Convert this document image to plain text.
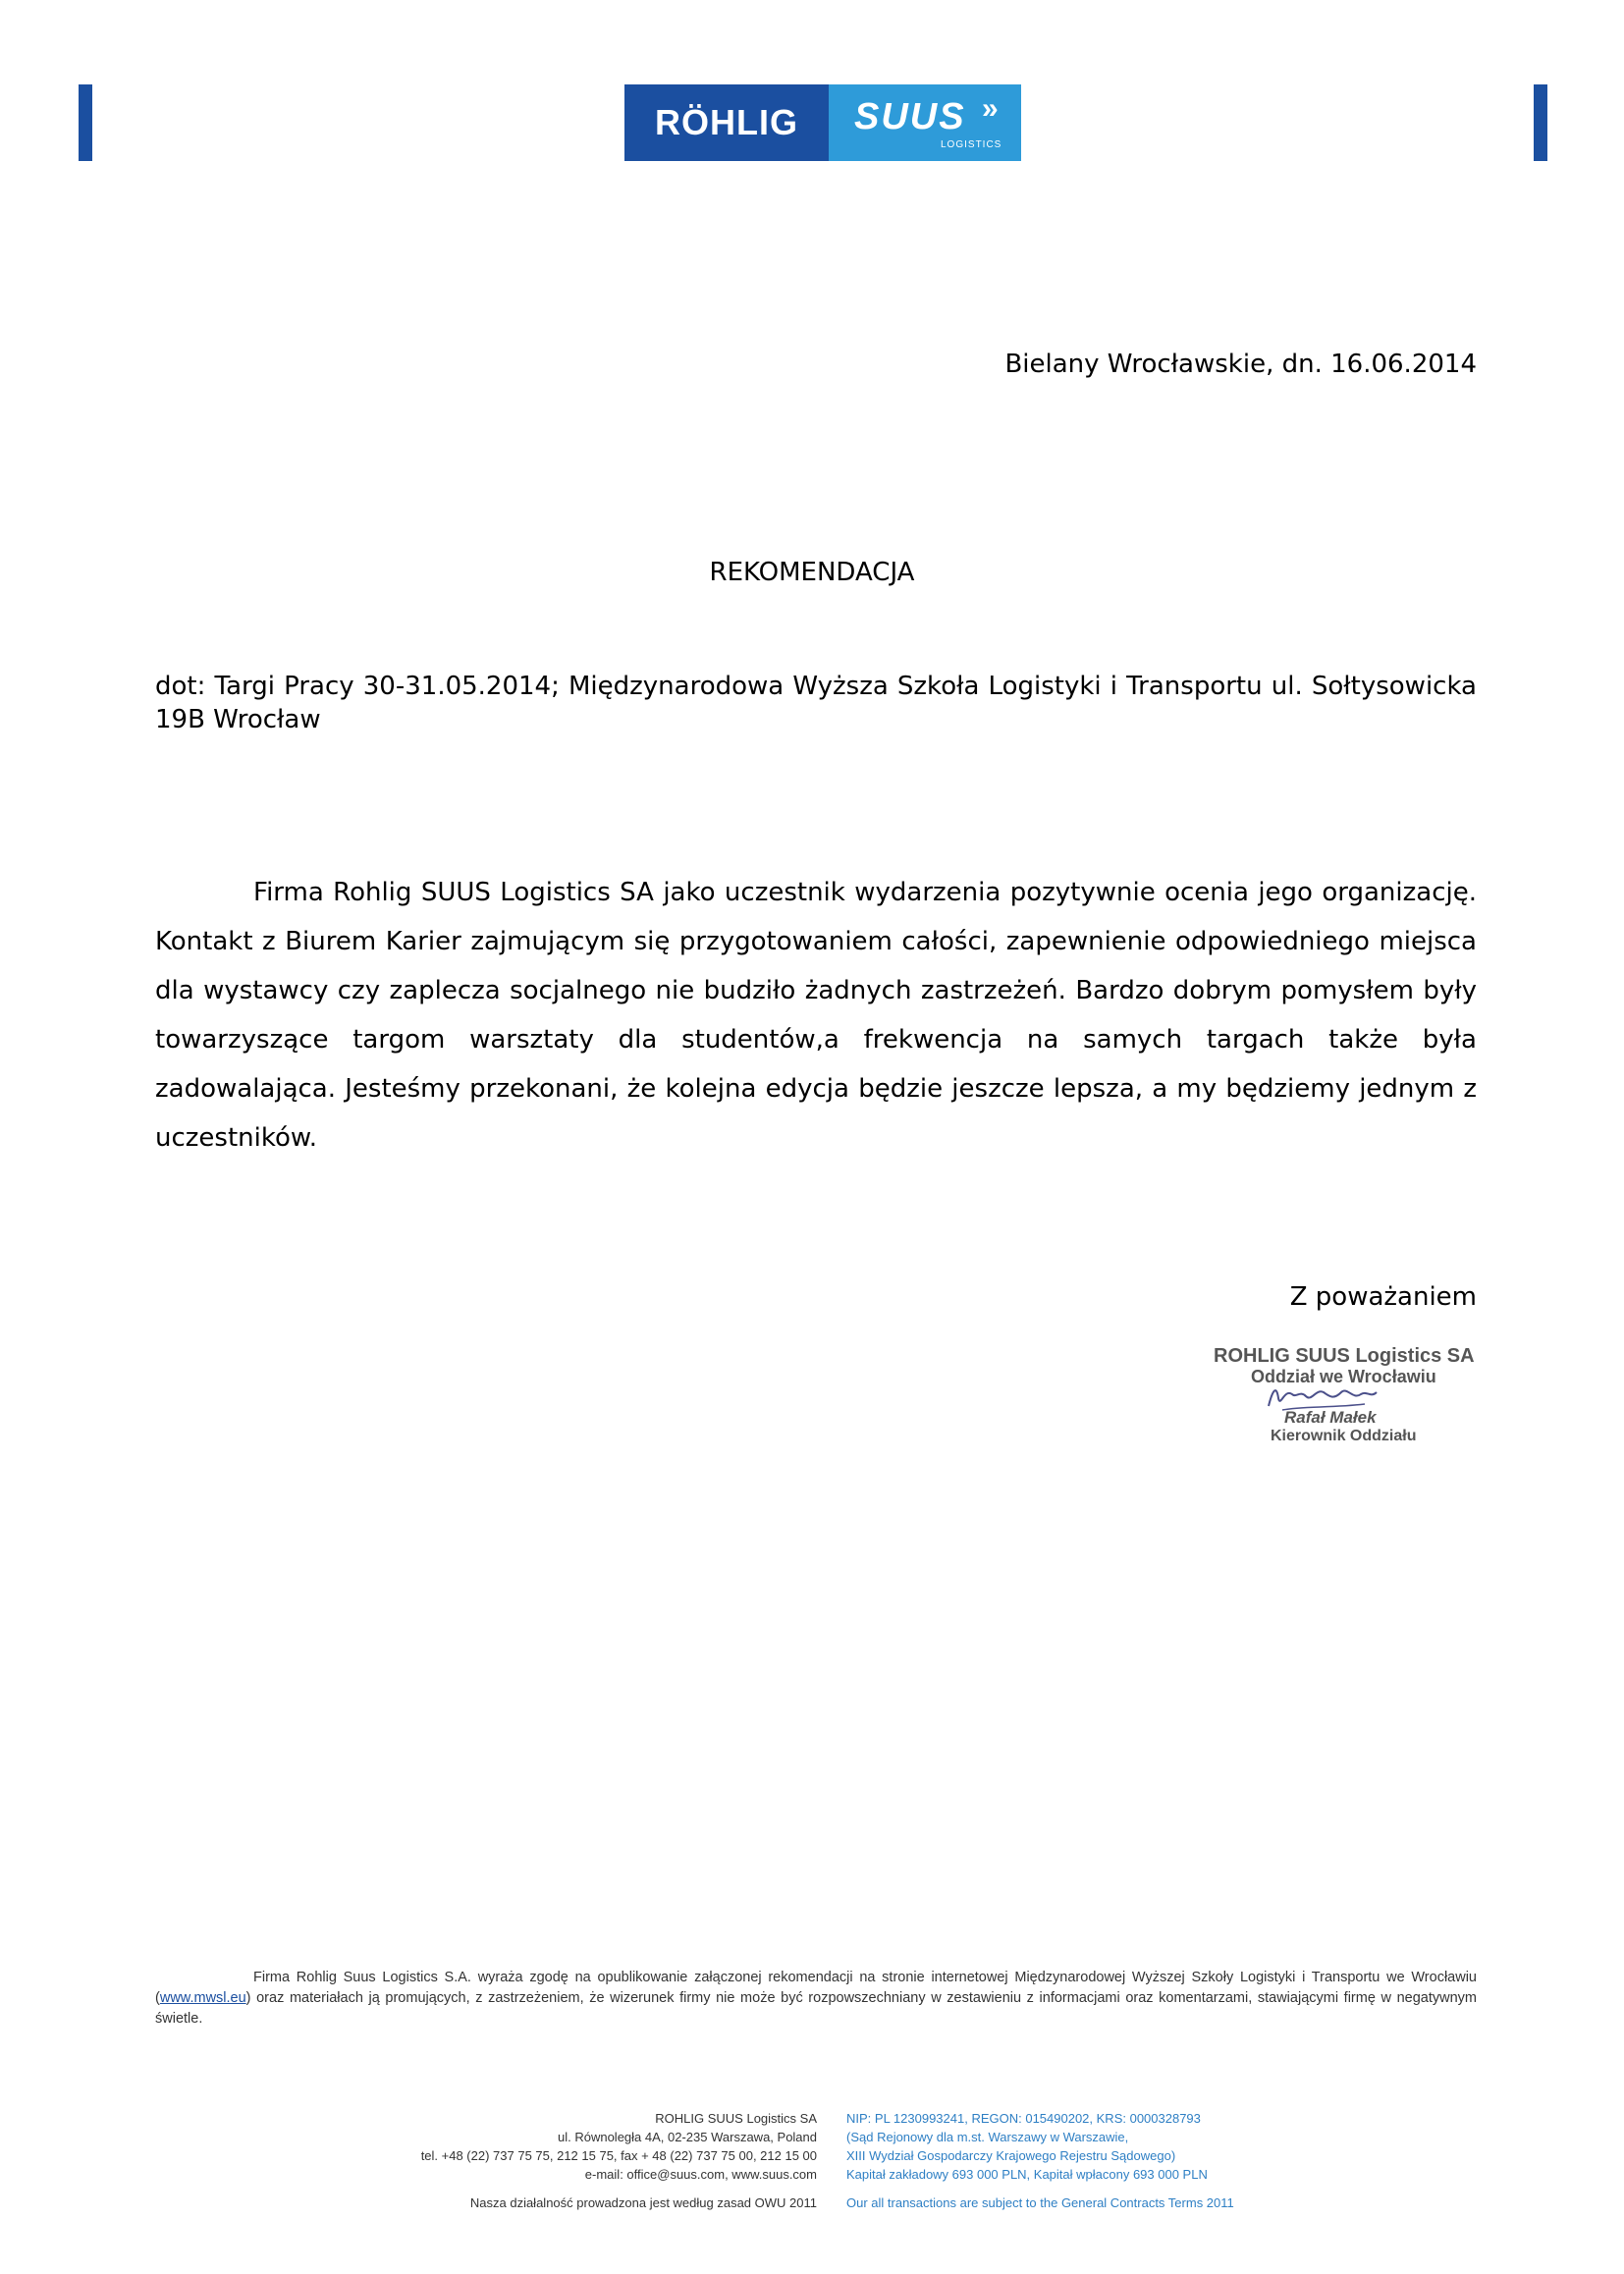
RÖHLIG	SUUS »
LOGISTICS
Bielany Wrocławskie, dn. 16.06.2014
REKOMENDACJA
dot: Targi Pracy 30-31.05.2014; Międzynarodowa Wyższa Szkoła Logistyki i Transportu ul. Sołtysowicka 19B Wrocław

Firma Rohlig SUUS Logistics SA jako uczestnik wydarzenia pozytywnie ocenia jego organizację. Kontakt z Biurem Karier zajmującym się przygotowaniem całości, zapewnienie odpowiedniego miejsca dla wystawcy czy zaplecza socjalnego nie budziło żadnych zastrzeżeń. Bardzo dobrym pomysłem były towarzyszące targom warsztaty dla studentów,a frekwencja na samych targach także była zadowalająca. Jesteśmy przekonani, że kolejna edycja będzie jeszcze lepsza, a my będziemy jednym z uczestników.

Z poważaniem
ROHLIG SUUS Logistics SA
Oddział we Wrocławiu
Rafał Małek
Kierownik Oddziału

Firma Rohlig Suus Logistics S.A. wyraża zgodę na opublikowanie załączonej rekomendacji na stronie internetowej Międzynarodowej Wyższej Szkoły Logistyki i Transportu we Wrocławiu (www.mwsl.eu) oraz materiałach ją promujących, z zastrzeżeniem, że wizerunek firmy nie może być rozpowszechniany w zestawieniu z informacjami oraz komentarzami, stawiającymi firmę w negatywnym świetle.

ROHLIG SUUS Logistics SA
ul. Równoległa 4A, 02-235 Warszawa, Poland
tel. +48 (22) 737 75 75, 212 15 75, fax + 48 (22) 737 75 00, 212 15 00
e-mail: office@suus.com, www.suus.com
Nasza działalność prowadzona jest według zasad OWU 2011
NIP: PL 1230993241, REGON: 015490202, KRS: 0000328793
(Sąd Rejonowy dla m.st. Warszawy w Warszawie,
XIII Wydział Gospodarczy Krajowego Rejestru Sądowego)
Kapitał zakładowy 693 000 PLN, Kapitał wpłacony 693 000 PLN
Our all transactions are subject to the General Contracts Terms 2011
